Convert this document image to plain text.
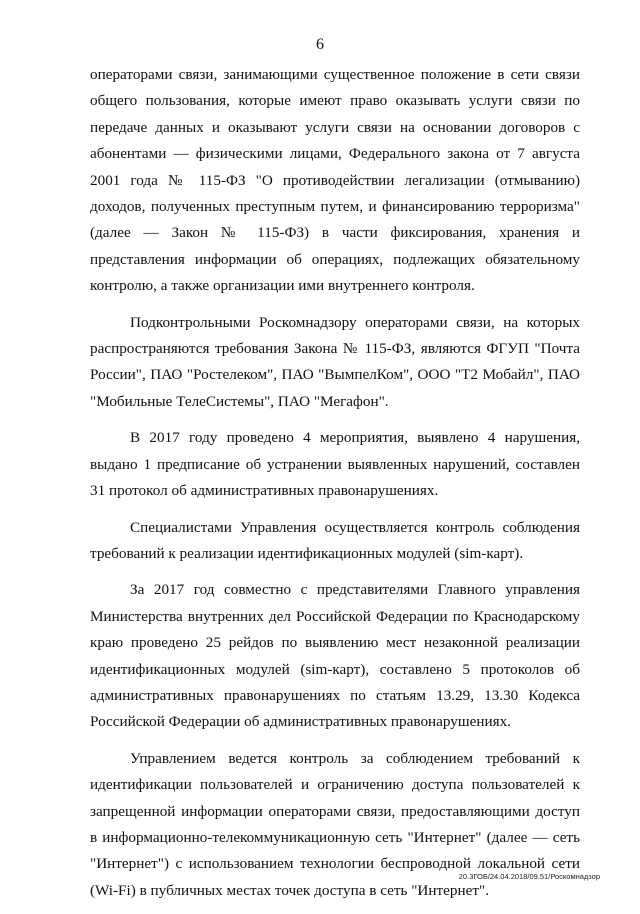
6

операторами связи, занимающими существенное положение в сети связи общего пользования, которые имеют право оказывать услуги связи по передаче данных и оказывают услуги связи на основании договоров с абонентами — физическими лицами, Федерального закона от 7 августа 2001 года № 115-ФЗ "О противодействии легализации (отмыванию) доходов, полученных преступным путем, и финансированию терроризма" (далее — Закон № 115-ФЗ) в части фиксирования, хранения и представления информации об операциях, подлежащих обязательному контролю, а также организации ими внутреннего контроля.

Подконтрольными Роскомнадзору операторами связи, на которых распространяются требования Закона № 115-ФЗ, являются ФГУП "Почта России", ПАО "Ростелеком", ПАО "ВымпелКом", ООО "Т2 Мобайл", ПАО "Мобильные ТелеСистемы", ПАО "Мегафон".

В 2017 году проведено 4 мероприятия, выявлено 4 нарушения, выдано 1 предписание об устранении выявленных нарушений, составлен 31 протокол об административных правонарушениях.

Специалистами Управления осуществляется контроль соблюдения требований к реализации идентификационных модулей (sim-карт).

За 2017 год совместно с представителями Главного управления Министерства внутренних дел Российской Федерации по Краснодарскому краю проведено 25 рейдов по выявлению мест незаконной реализации идентификационных модулей (sim-карт), составлено 5 протоколов об административных правонарушениях по статьям 13.29, 13.30 Кодекса Российской Федерации об административных правонарушениях.

Управлением ведется контроль за соблюдением требований к идентификации пользователей и ограничению доступа пользователей к запрещенной информации операторами связи, предоставляющими доступ в информационно-телекоммуникационную сеть "Интернет" (далее — сеть "Интернет") с использованием технологии беспроводной локальной сети (Wi-Fi) в публичных местах точек доступа в сеть "Интернет".

20.3ГОБ/24.04.2018/09.51/Роскомнадзор
